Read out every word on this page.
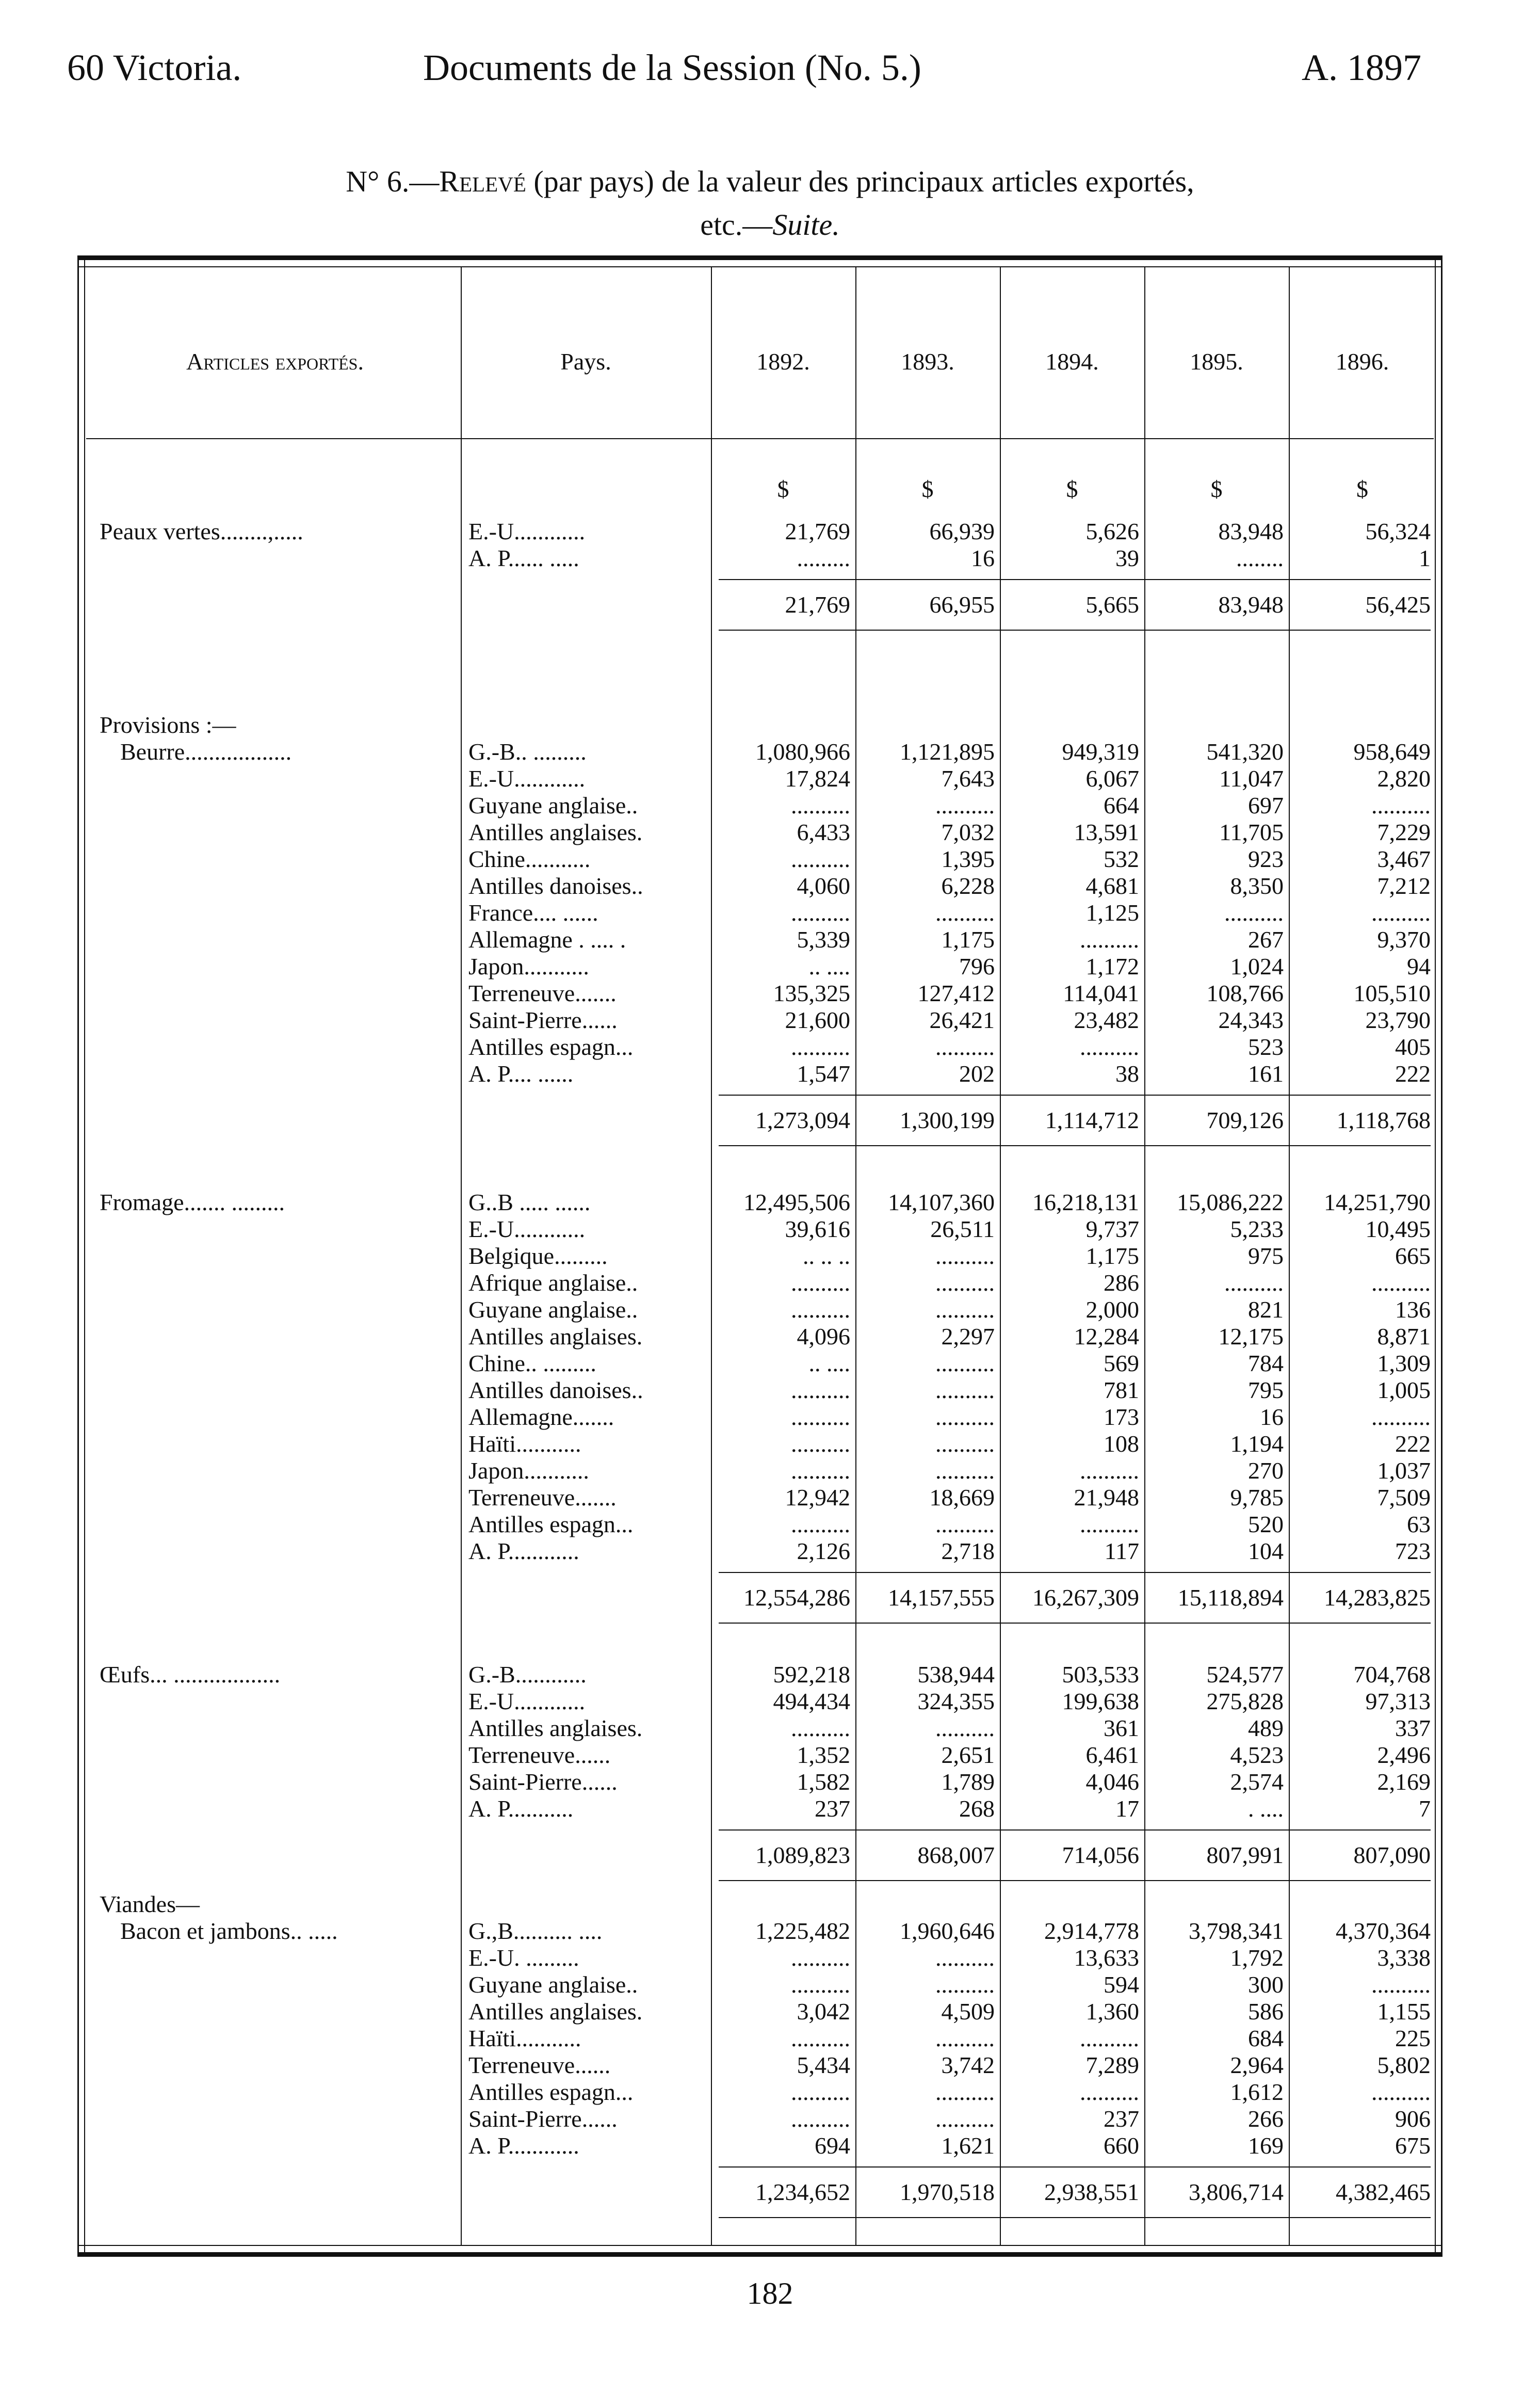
60 Victoria.	Documents de la Session (No. 5.)	A. 1897
N° 6.—Relevé (par pays) de la valeur des principaux articles exportés,
etc.—Suite.
Articles exportés.	Pays.	1892.	1893.	1894.	1895.	1896.
$	$	$	$	$
Peaux vertes........,.....	E.-U............	21,769	66,939	5,626	83,948	56,324
A. P...... .....	.........	16	39	........	1
21,769	66,955	5,665	83,948	56,425
Provisions :—
Beurre..................	G.-B.. .........	1,080,966	1,121,895	949,319	541,320	958,649
E.-U............	17,824	7,643	6,067	11,047	2,820
Guyane anglaise..	..........	..........	664	697	..........
Antilles anglaises.	6,433	7,032	13,591	11,705	7,229
Chine...........	..........	1,395	532	923	3,467
Antilles danoises..	4,060	6,228	4,681	8,350	7,212
France.... ......	..........	..........	1,125	..........	..........
Allemagne . .... .	5,339	1,175	..........	267	9,370
Japon...........	.. ....	796	1,172	1,024	94
Terreneuve.......	135,325	127,412	114,041	108,766	105,510
Saint-Pierre......	21,600	26,421	23,482	24,343	23,790
Antilles espagn...	..........	..........	..........	523	405
A. P.... ......	1,547	202	38	161	222
1,273,094	1,300,199	1,114,712	709,126	1,118,768
Fromage....... .........	G..B ..... ......	12,495,506	14,107,360	16,218,131	15,086,222	14,251,790
E.-U............	39,616	26,511	9,737	5,233	10,495
Belgique.........	.. .. ..	..........	1,175	975	665
Afrique anglaise..	..........	..........	286	..........	..........
Guyane anglaise..	..........	..........	2,000	821	136
Antilles anglaises.	4,096	2,297	12,284	12,175	8,871
Chine.. .........	.. ....	..........	569	784	1,309
Antilles danoises..	..........	..........	781	795	1,005
Allemagne.......	..........	..........	173	16	..........
Haïti...........	..........	..........	108	1,194	222
Japon...........	..........	..........	..........	270	1,037
Terreneuve.......	12,942	18,669	21,948	9,785	7,509
Antilles espagn...	..........	..........	..........	520	63
A. P............	2,126	2,718	117	104	723
12,554,286	14,157,555	16,267,309	15,118,894	14,283,825
Œufs... ..................	G.-B............	592,218	538,944	503,533	524,577	704,768
E.-U............	494,434	324,355	199,638	275,828	97,313
Antilles anglaises.	..........	..........	361	489	337
Terreneuve......	1,352	2,651	6,461	4,523	2,496
Saint-Pierre......	1,582	1,789	4,046	2,574	2,169
A. P...........	237	268	17	. ....	7
1,089,823	868,007	714,056	807,991	807,090
Viandes—
Bacon et jambons.. .....	G.,B.......... ....	1,225,482	1,960,646	2,914,778	3,798,341	4,370,364
E.-U. .........	..........	..........	13,633	1,792	3,338
Guyane anglaise..	..........	..........	594	300	..........
Antilles anglaises.	3,042	4,509	1,360	586	1,155
Haïti...........	..........	..........	..........	684	225
Terreneuve......	5,434	3,742	7,289	2,964	5,802
Antilles espagn...	..........	..........	..........	1,612	..........
Saint-Pierre......	..........	..........	237	266	906
A. P............	694	1,621	660	169	675
1,234,652	1,970,518	2,938,551	3,806,714	4,382,465
182
